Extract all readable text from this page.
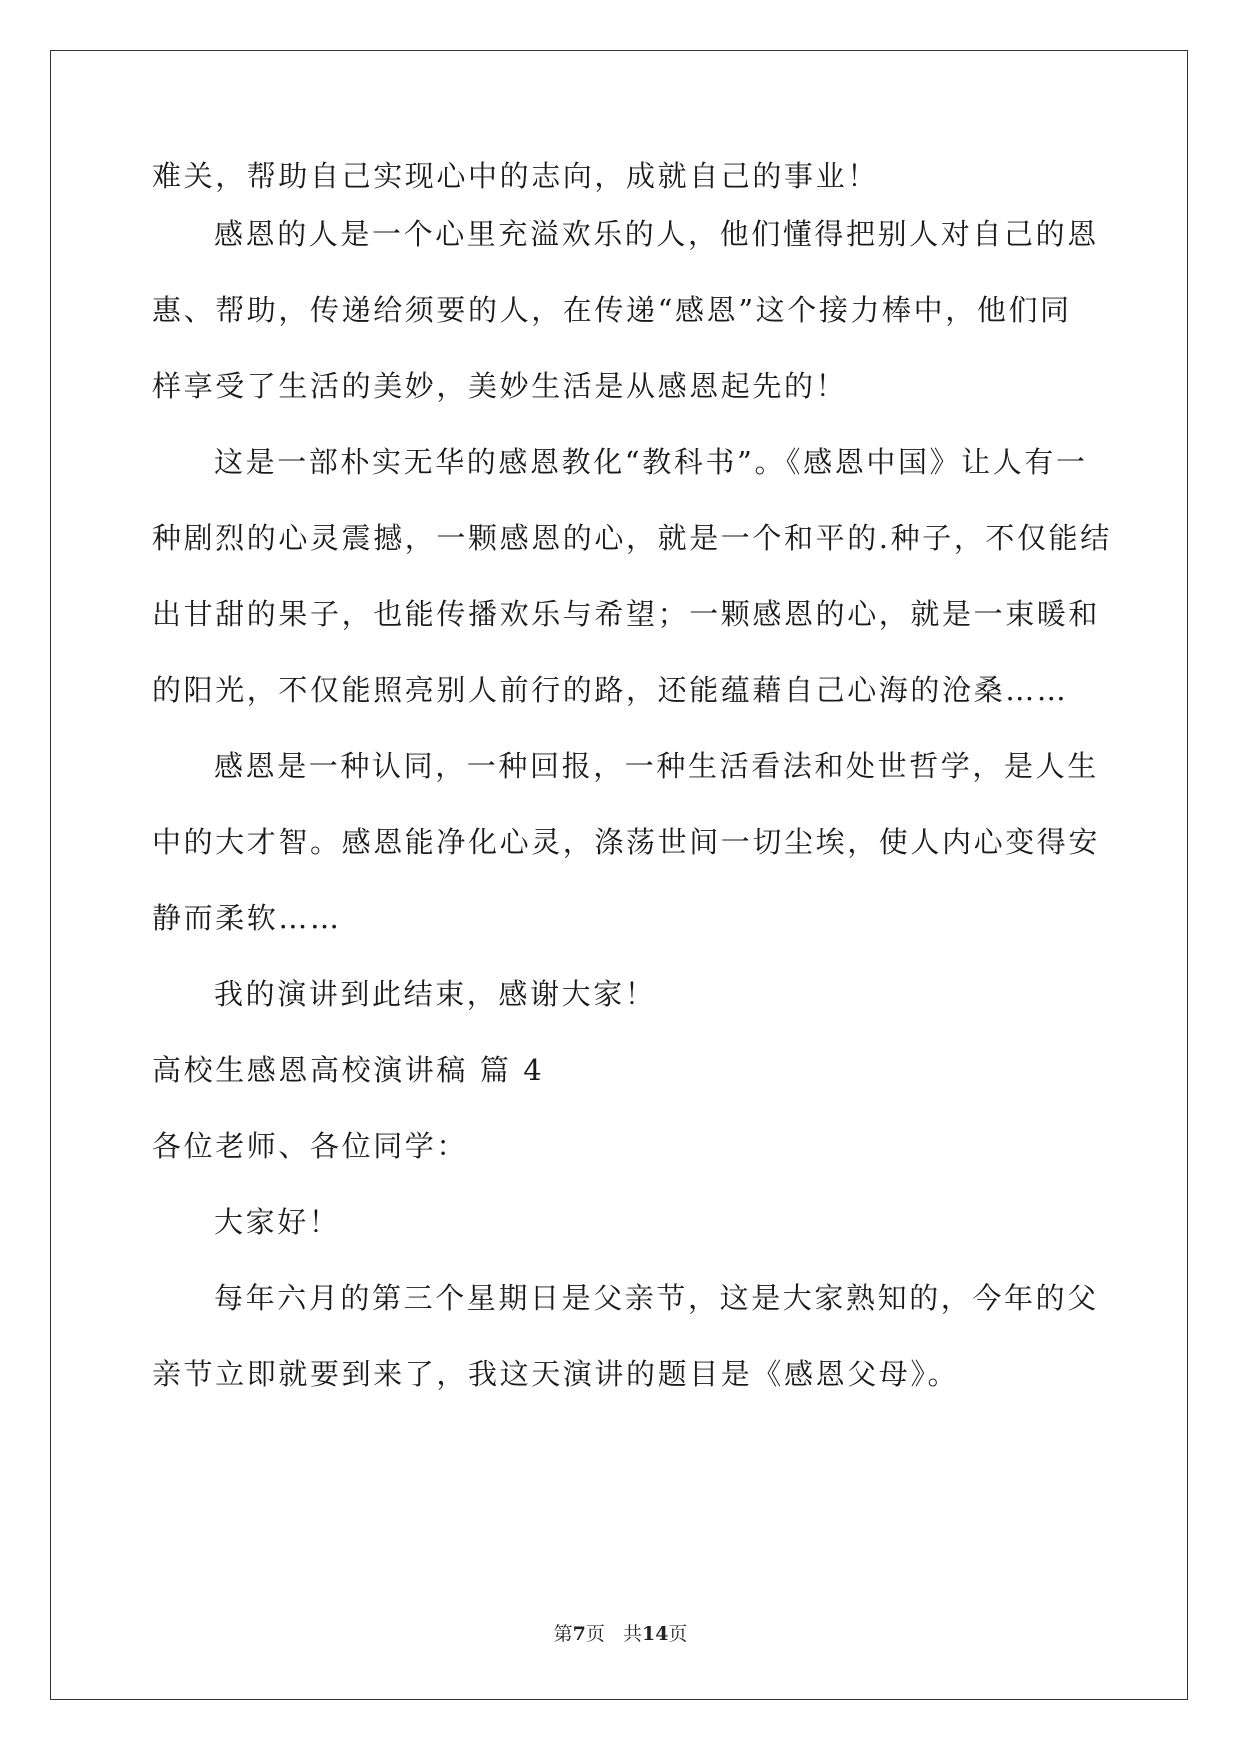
难关，帮助自己实现心中的志向，成就自己的事业！
感恩的人是一个心里充溢欢乐的人，他们懂得把别人对自己的恩
惠、帮助，传递给须要的人，在传递“感恩”这个接力棒中，他们同
样享受了生活的美妙，美妙生活是从感恩起先的！
这是一部朴实无华的感恩教化“教科书”。《感恩中国》让人有一
种剧烈的心灵震撼，一颗感恩的心，就是一个和平的.种子，不仅能结
出甘甜的果子，也能传播欢乐与希望；一颗感恩的心，就是一束暖和
的阳光，不仅能照亮别人前行的路，还能蕴藉自己心海的沧桑……
感恩是一种认同，一种回报，一种生活看法和处世哲学，是人生
中的大才智。感恩能净化心灵，涤荡世间一切尘埃，使人内心变得安
静而柔软……
我的演讲到此结束，感谢大家！
高校生感恩高校演讲稿 篇 4
各位老师、各位同学：
大家好！
每年六月的第三个星期日是父亲节，这是大家熟知的，今年的父
亲节立即就要到来了，我这天演讲的题目是《感恩父母》。
第7页 共14页
